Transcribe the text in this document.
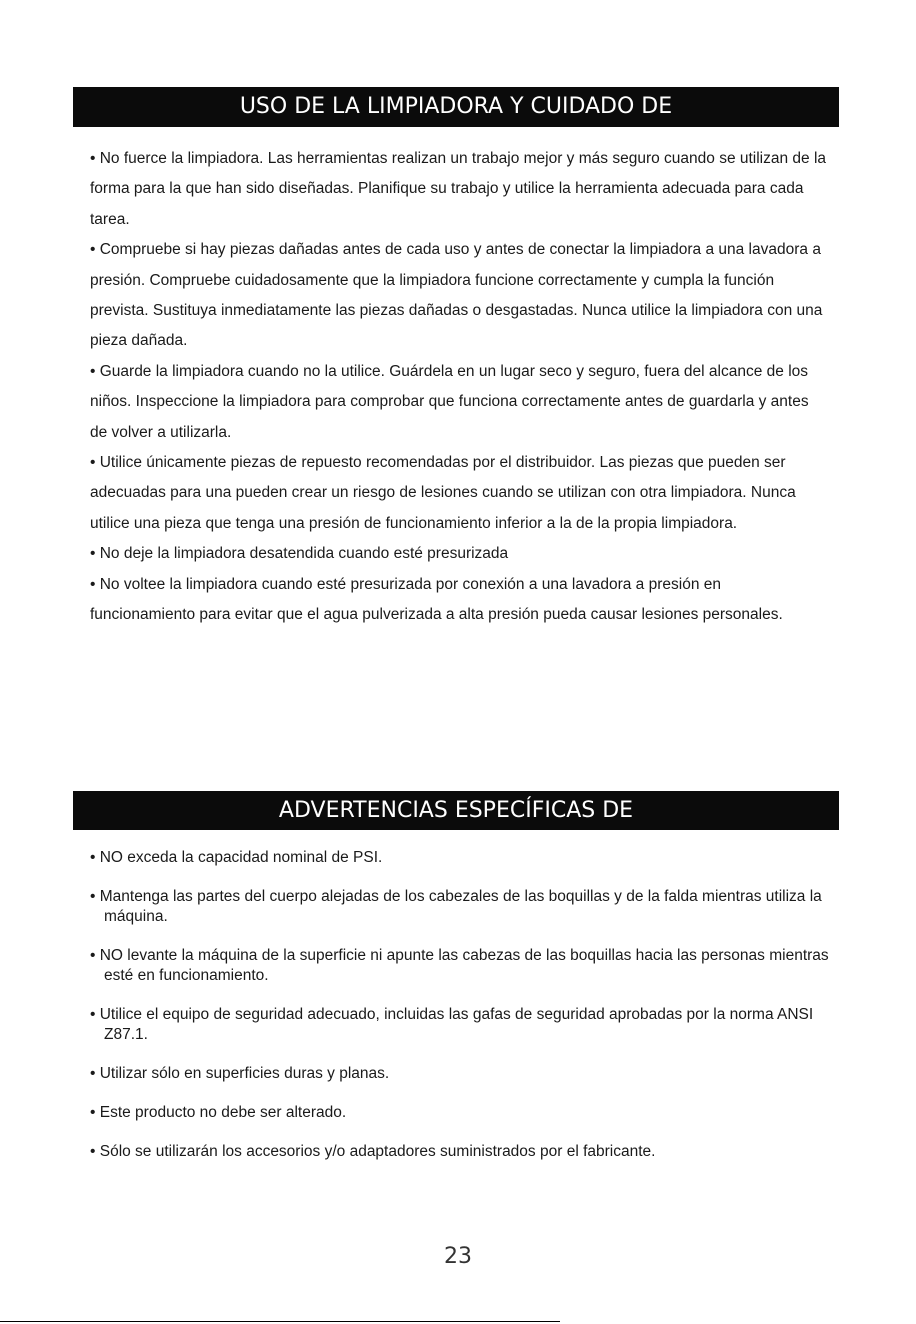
USO DE LA LIMPIADORA Y CUIDADO DE

• No fuerce la limpiadora. Las herramientas realizan un trabajo mejor y más seguro cuando se utilizan de la forma para la que han sido diseñadas. Planifique su trabajo y utilice la herramienta adecuada para cada tarea.

• Compruebe si hay piezas dañadas antes de cada uso y antes de conectar la limpiadora a una lavadora a presión. Compruebe cuidadosamente que la limpiadora funcione correctamente y cumpla la función prevista. Sustituya inmediatamente las piezas dañadas o desgastadas. Nunca utilice la limpiadora con una pieza dañada.

• Guarde la limpiadora cuando no la utilice. Guárdela en un lugar seco y seguro, fuera del alcance de los niños. Inspeccione la limpiadora para comprobar que funciona correctamente antes de guardarla y antes de volver a utilizarla.

• Utilice únicamente piezas de repuesto recomendadas por el distribuidor. Las piezas que pueden ser adecuadas para una pueden crear un riesgo de lesiones cuando se utilizan con otra limpiadora. Nunca utilice una pieza que tenga una presión de funcionamiento inferior a la de la propia limpiadora.

• No deje la limpiadora desatendida cuando esté presurizada

• No voltee la limpiadora cuando esté presurizada por conexión a una lavadora a presión en funcionamiento para evitar que el agua pulverizada a alta presión pueda causar lesiones personales.

ADVERTENCIAS ESPECÍFICAS DE
• NO exceda la capacidad nominal de PSI.
• Mantenga las partes del cuerpo alejadas de los cabezales de las boquillas y de la falda mientras utiliza la máquina.
• NO levante la máquina de la superficie ni apunte las cabezas de las boquillas hacia las personas mientras esté en funcionamiento.
• Utilice el equipo de seguridad adecuado, incluidas las gafas de seguridad aprobadas por la norma ANSI Z87.1.
• Utilizar sólo en superficies duras y planas.
• Este producto no debe ser alterado.
• Sólo se utilizarán los accesorios y/o adaptadores suministrados por el fabricante.
23
